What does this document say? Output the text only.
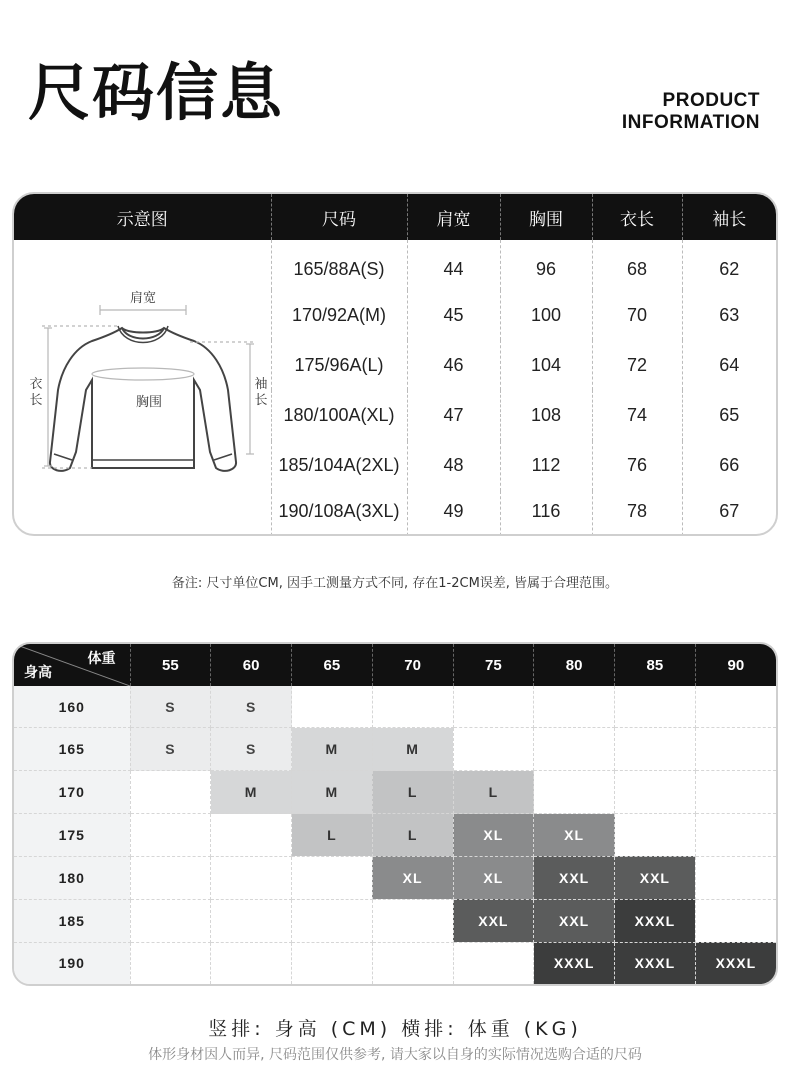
尺码信息	PRODUCT
INFORMATION
示意图	尺码	肩宽	胸围	衣长	袖长

肩宽
胸围
衣长
袖长	165/88A(S)	44	96	68	62
	170/92A(M)	45	100	70	63
	175/96A(L)	46	104	72	64
	180/100A(XL)	47	108	74	65
	185/104A(2XL)	48	112	76	66
	190/108A(3XL)	49	116	78	67
备注: 尺寸单位CM, 因手工测量方式不同, 存在1-2CM误差, 皆属于合理范围。
体重
身高	55	60	65	70	75	80	85	90
160	S	S						
165	S	S	M	M				
170		M	M	L	L			
175			L	L	XL	XL		
180				XL	XL	XXL	XXL	
185					XXL	XXL	XXXL	
190						XXXL	XXXL	XXXL
竖排: 身高 (CM) 横排: 体重 (KG)
体形身材因人而异, 尺码范围仅供参考, 请大家以自身的实际情况选购合适的尺码
